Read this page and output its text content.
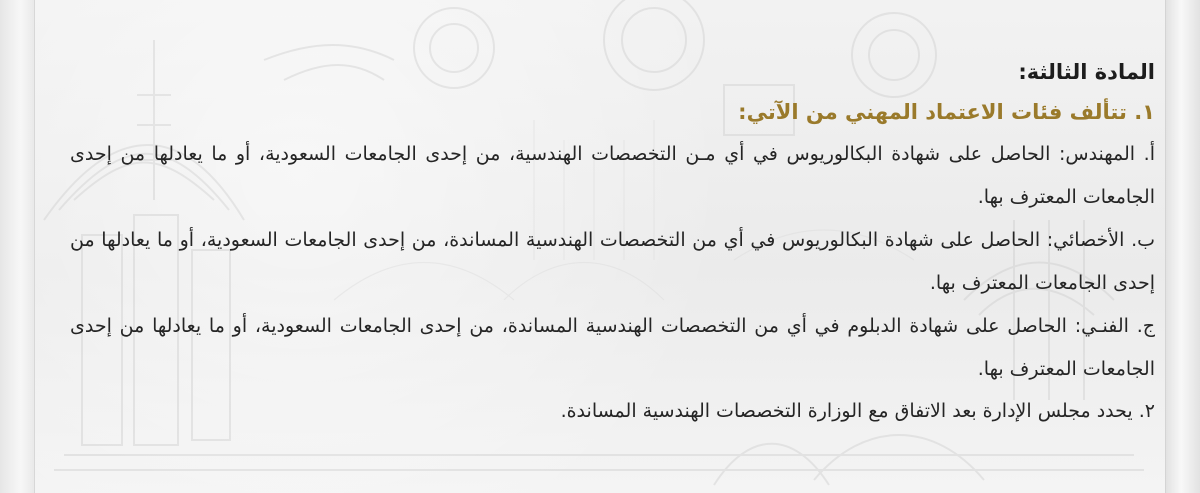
المادة الثالثة:
١. تتألف فئات الاعتماد المهني من الآتي:

أ. المهندس: الحاصل على شهادة البكالوريوس في أي مـن التخصصات الهندسية، من إحدى الجامعات السعودية، أو ما يعادلها من إحدى الجامعات المعترف بها.

ب. الأخصائي: الحاصل على شهادة البكالوريوس في أي من التخصصات الهندسية المساندة، من إحدى الجامعات السعودية، أو ما يعادلها من إحدى الجامعات المعترف بها.

ج. الفنـي: الحاصل على شهادة الدبلوم في أي من التخصصات الهندسية المساندة، من إحدى الجامعات السعودية، أو ما يعادلها من إحدى الجامعات المعترف بها.

٢. يحدد مجلس الإدارة بعد الاتفاق مع الوزارة التخصصات الهندسية المساندة.
